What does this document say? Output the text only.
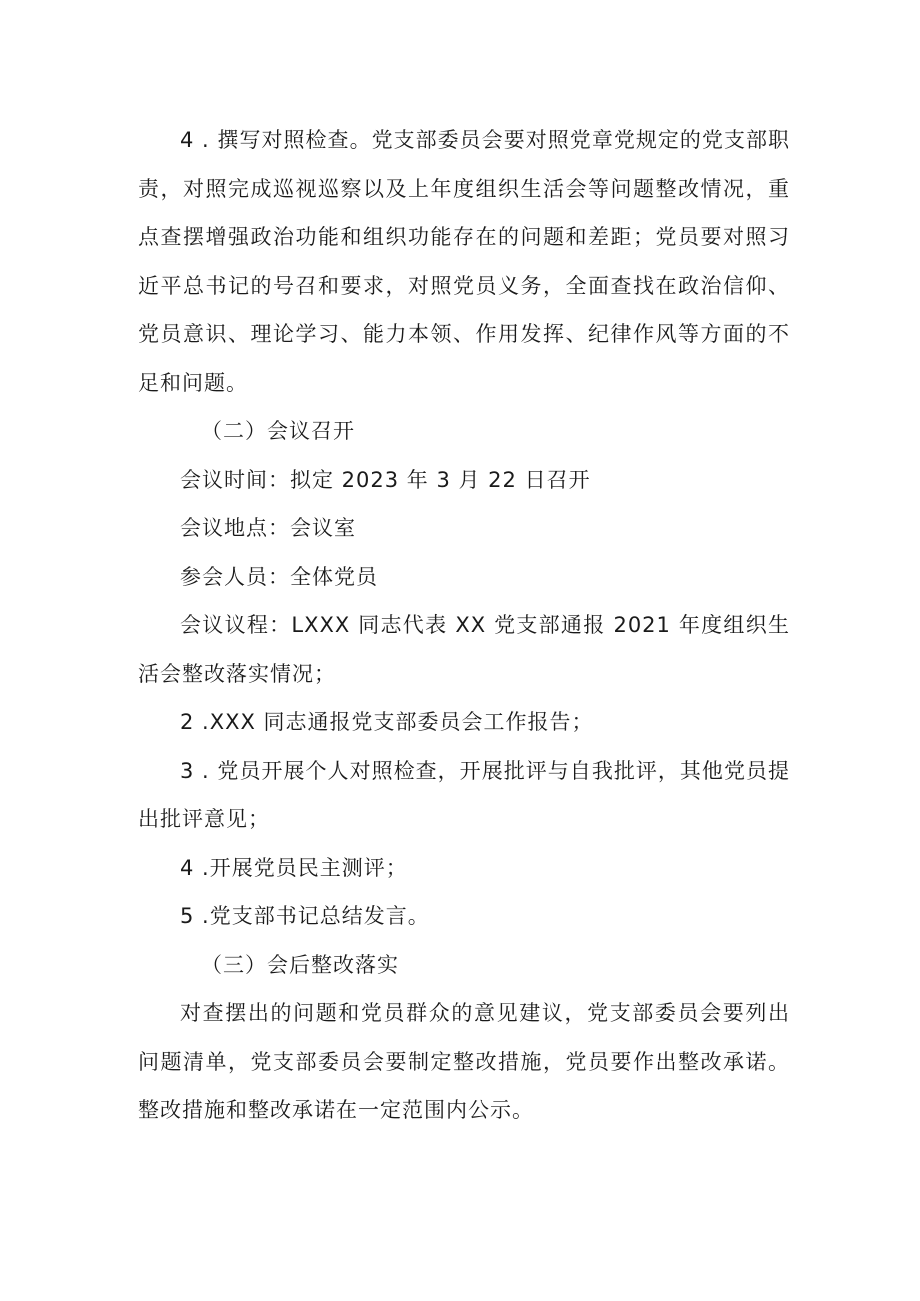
4 . 撰写对照检查。党支部委员会要对照党章党规定的党支部职责，对照完成巡视巡察以及上年度组织生活会等问题整改情况，重点查摆增强政治功能和组织功能存在的问题和差距；党员要对照习近平总书记的号召和要求，对照党员义务，全面查找在政治信仰、党员意识、理论学习、能力本领、作用发挥、纪律作风等方面的不足和问题。

（二）会议召开

会议时间：拟定 2023 年 3 月 22 日召开

会议地点：会议室

参会人员：全体党员

会议议程：LXXX 同志代表 XX 党支部通报 2021 年度组织生活会整改落实情况；

2 .XXX 同志通报党支部委员会工作报告；

3 . 党员开展个人对照检查，开展批评与自我批评，其他党员提出批评意见；

4 .开展党员民主测评；

5 .党支部书记总结发言。

（三）会后整改落实

对查摆出的问题和党员群众的意见建议，党支部委员会要列出问题清单，党支部委员会要制定整改措施，党员要作出整改承诺。整改措施和整改承诺在一定范围内公示。
